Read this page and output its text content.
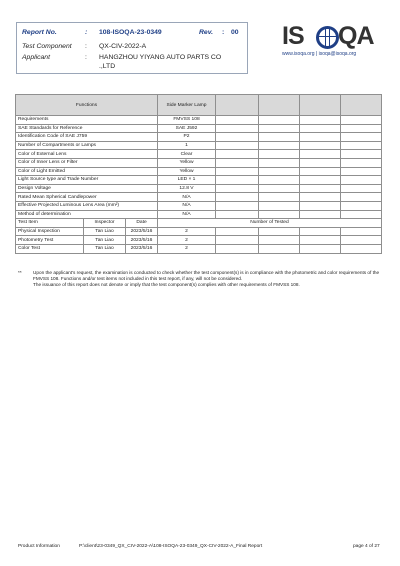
Report No.	: 108-ISOQA-23-0349	Rev. : 00
Test Component : QX-CIV-2022-A
Applicant	: HANGZHOU YIYANG AUTO PARTS CO
.,LTD
IS QA
www.isoqa.org | isoqa@isoqa.org
Functions			Side Marker Lamp				
Requirements			FMVSS 108				
SAE Standards for Reference			SAE J592				
Identification Code of SAE J759			P2				
Number of Compartments or Lamps			1				
Color of External Lens			Clear				
Color of Inner Lens or Filter			Yellow				
Color of Light Emitted			Yellow				
Light Source type and Trade Number			LED × 1				
Design Voltage			12.8 V				
Rated Mean Spherical Candlepower			N/A				
Effective Projected Luminous Lens Area (mm²)			N/A				
Method of determination			N/A				
Test Item	Inspector	Date	Number of Tested				
Physical Inspection	Tan Liao	2023/5/16	2				
Photometry Test	Tan Liao	2023/5/16	2				
Color Test	Tan Liao	2023/5/16	2				
** Upon the applicant's request, the examination is conducted to check whether the test component(s) is in compliance with the photometric and color requirements of the FMVSS 108. Functions and/or test items not included in this test report, if any, will not be considered.
The issuance of this report does not denote or imply that the test component(s) complies with other requirements of FMVSS 108.
Product Information	P:\client\23-0349_QX_CIV-2022-A\108-ISOQA-23-0349_QX-CIV-2022-A_Final Report	page 4 of 27
